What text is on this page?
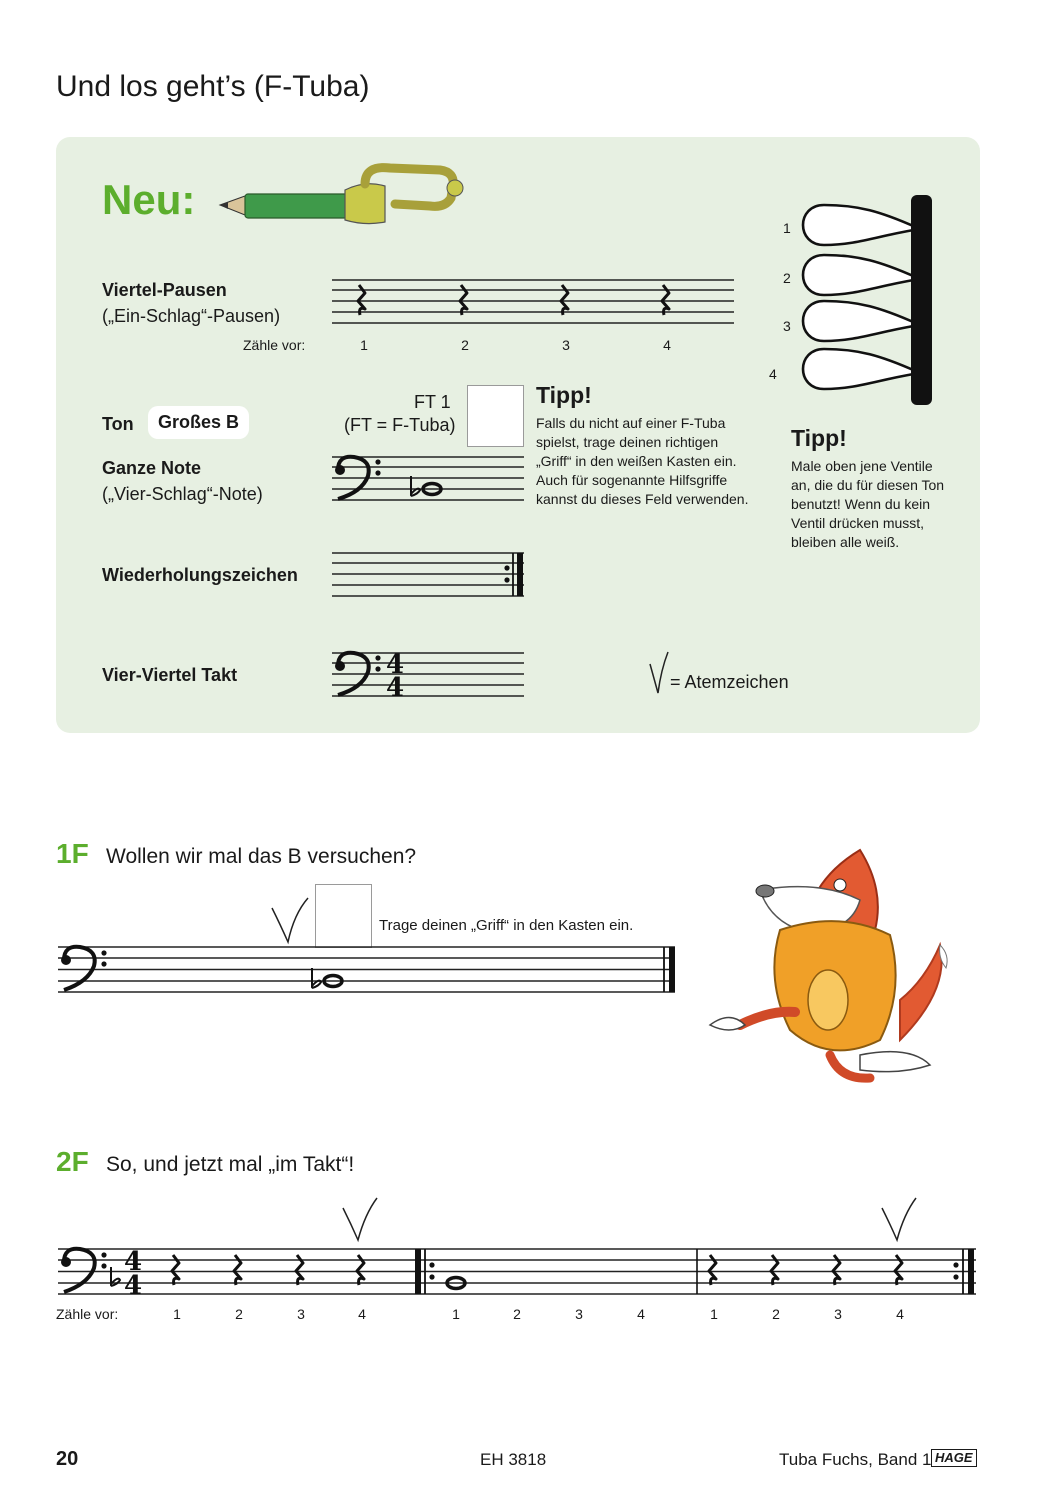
Und los geht’s (F-Tuba)
Neu:
Viertel-Pausen
(„Ein-Schlag“-Pausen)
Zähle vor:	1	2	3	4
Ton	Großes B
FT 1
(FT = F-Tuba)
Tipp!
Falls du nicht auf einer F-Tuba spielst, trage deinen richtigen „Griff“ in den weißen Kasten ein. Auch für sogenannte Hilfsgriffe kannst du dieses Feld verwenden.
Ganze Note
(„Vier-Schlag“-Note)
Wiederholungszeichen
Vier-Viertel Takt	4
4	= Atemzeichen
1
2
3
4
Tipp!
Male oben jene Ventile an, die du für diesen Ton benutzt! Wenn du kein Ventil drücken musst, bleiben alle weiß.
1F Wollen wir mal das B versuchen?
Trage deinen „Griff“ in den Kasten ein.
2F So, und jetzt mal „im Takt“!
4
4
Zähle vor:	1	2	3	4	1	2	3	4	1	2	3	4
20	EH 3818	Tuba Fuchs, Band 1 HAGE
